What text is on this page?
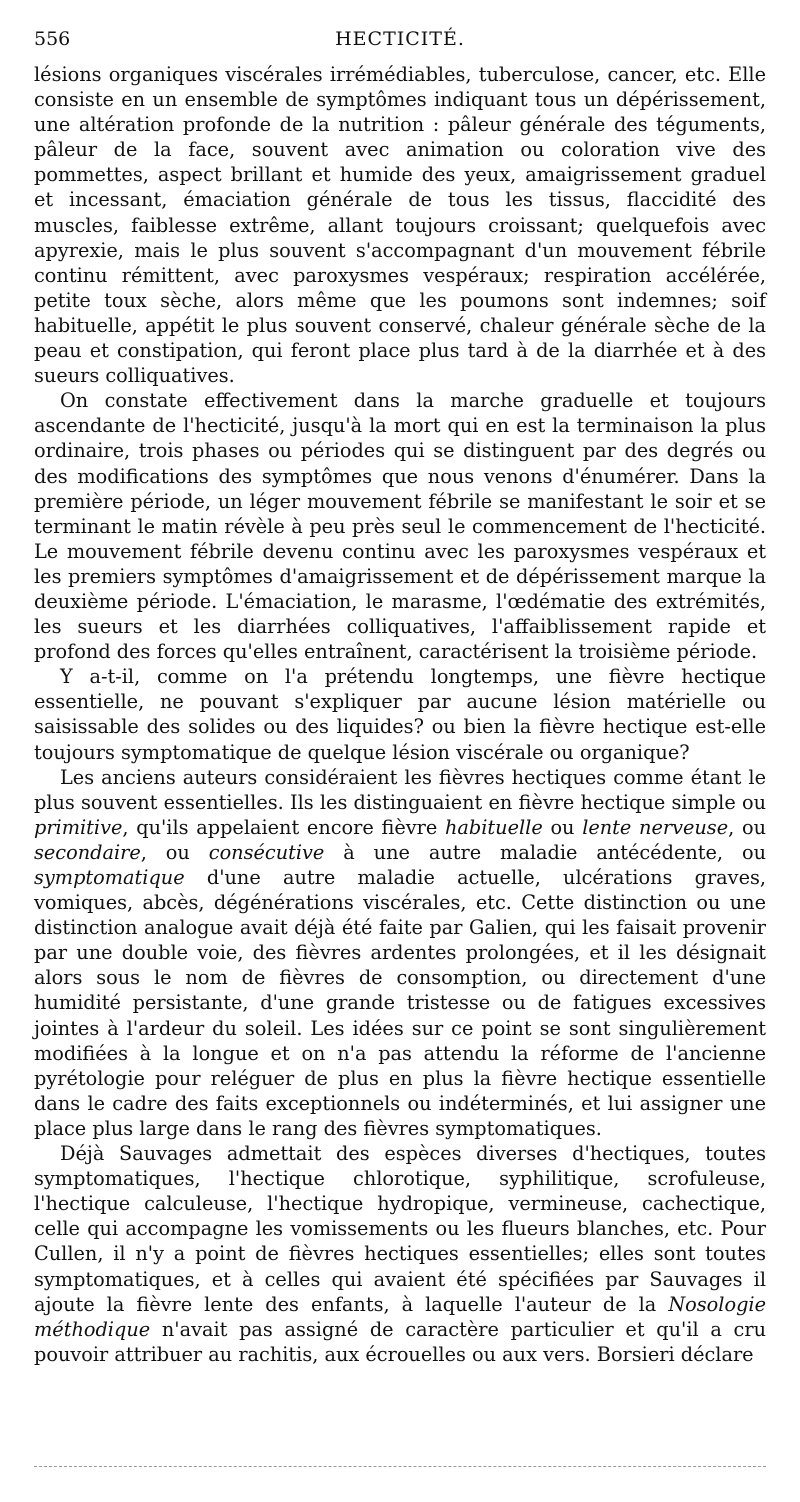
556	HECTICITÉ.

lésions organiques viscérales irrémédiables, tuberculose, cancer, etc. Elle consiste en un ensemble de symptômes indiquant tous un dépérissement, une altération profonde de la nutrition : pâleur générale des téguments, pâleur de la face, souvent avec animation ou coloration vive des pommettes, aspect brillant et humide des yeux, amaigrissement graduel et incessant, émaciation générale de tous les tissus, flaccidité des muscles, faiblesse extrême, allant toujours croissant; quelquefois avec apyrexie, mais le plus souvent s'accompagnant d'un mouvement fébrile continu rémittent, avec paroxysmes vespéraux; respiration accélérée, petite toux sèche, alors même que les poumons sont indemnes; soif habituelle, appétit le plus souvent conservé, chaleur générale sèche de la peau et constipation, qui feront place plus tard à de la diarrhée et à des sueurs colliquatives.

On constate effectivement dans la marche graduelle et toujours ascendante de l'hecticité, jusqu'à la mort qui en est la terminaison la plus ordinaire, trois phases ou périodes qui se distinguent par des degrés ou des modifications des symptômes que nous venons d'énumérer. Dans la première période, un léger mouvement fébrile se manifestant le soir et se terminant le matin révèle à peu près seul le commencement de l'hecticité. Le mouvement fébrile devenu continu avec les paroxysmes vespéraux et les premiers symptômes d'amaigrissement et de dépérissement marque la deuxième période. L'émaciation, le marasme, l'œdématie des extrémités, les sueurs et les diarrhées colliquatives, l'affaiblissement rapide et profond des forces qu'elles entraînent, caractérisent la troisième période.

Y a-t-il, comme on l'a prétendu longtemps, une fièvre hectique essentielle, ne pouvant s'expliquer par aucune lésion matérielle ou saisissable des solides ou des liquides? ou bien la fièvre hectique est-elle toujours symptomatique de quelque lésion viscérale ou organique?

Les anciens auteurs considéraient les fièvres hectiques comme étant le plus souvent essentielles. Ils les distinguaient en fièvre hectique simple ou primitive, qu'ils appelaient encore fièvre habituelle ou lente nerveuse, ou secondaire, ou consécutive à une autre maladie antécédente, ou symptomatique d'une autre maladie actuelle, ulcérations graves, vomiques, abcès, dégénérations viscérales, etc. Cette distinction ou une distinction analogue avait déjà été faite par Galien, qui les faisait provenir par une double voie, des fièvres ardentes prolongées, et il les désignait alors sous le nom de fièvres de consomption, ou directement d'une humidité persistante, d'une grande tristesse ou de fatigues excessives jointes à l'ardeur du soleil. Les idées sur ce point se sont singulièrement modifiées à la longue et on n'a pas attendu la réforme de l'ancienne pyrétologie pour reléguer de plus en plus la fièvre hectique essentielle dans le cadre des faits exceptionnels ou indéterminés, et lui assigner une place plus large dans le rang des fièvres symptomatiques.

Déjà Sauvages admettait des espèces diverses d'hectiques, toutes symptomatiques, l'hectique chlorotique, syphilitique, scrofuleuse, l'hectique calculeuse, l'hectique hydropique, vermineuse, cachectique, celle qui accompagne les vomissements ou les flueurs blanches, etc. Pour Cullen, il n'y a point de fièvres hectiques essentielles; elles sont toutes symptomatiques, et à celles qui avaient été spécifiées par Sauvages il ajoute la fièvre lente des enfants, à laquelle l'auteur de la Nosologie méthodique n'avait pas assigné de caractère particulier et qu'il a cru pouvoir attribuer au rachitis, aux écrouelles ou aux vers. Borsieri déclare
